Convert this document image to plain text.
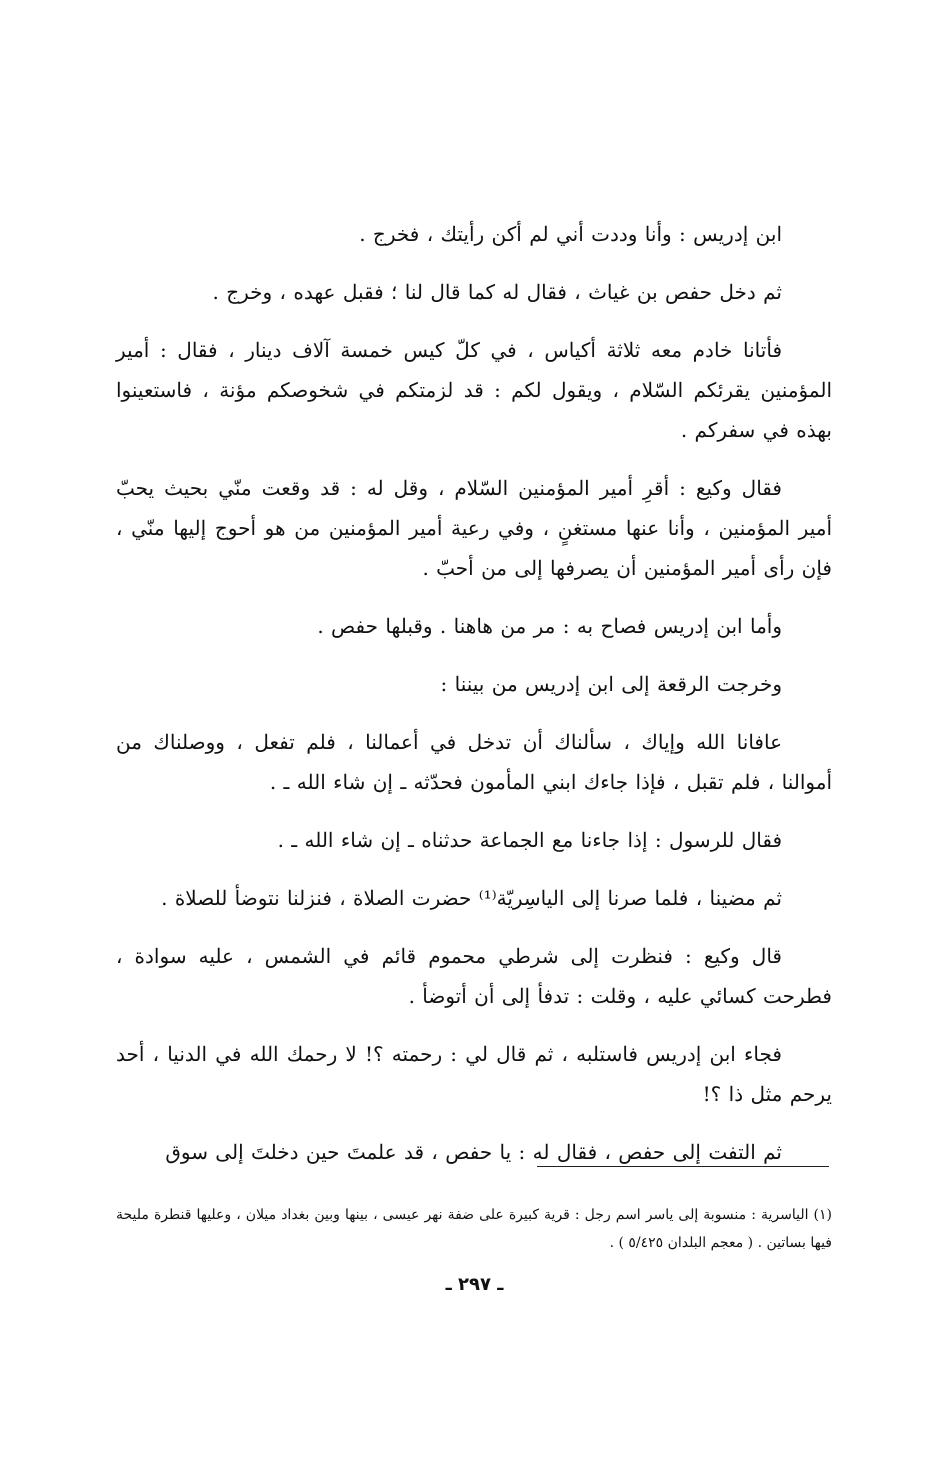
ابن إدريس : وأنا وددت أني لم أكن رأيتك ، فخرج .

ثم دخل حفص بن غياث ، فقال له كما قال لنا ؛ فقبل عهده ، وخرج .

فأتانا خادم معه ثلاثة أكياس ، في كلّ كيس خمسة آلاف دينار ، فقال : أمير المؤمنين يقرئكم السّلام ، ويقول لكم : قد لزمتكم في شخوصكم مؤنة ، فاستعينوا بهذه في سفركم .

فقال وكيع : أقرِ أمير المؤمنين السّلام ، وقل له : قد وقعت منّي بحيث يحبّ أمير المؤمنين ، وأنا عنها مستغنٍ ، وفي رعية أمير المؤمنين من هو أحوج إليها منّي ، فإن رأى أمير المؤمنين أن يصرفها إلى من أحبّ .

وأما ابن إدريس فصاح به : مر من هاهنا . وقبلها حفص .

وخرجت الرقعة إلى ابن إدريس من بيننا :

عافانا الله وإياك ، سألناك أن تدخل في أعمالنا ، فلم تفعل ، ووصلناك من أموالنا ، فلم تقبل ، فإذا جاءك ابني المأمون فحدّثه ـ إن شاء الله ـ .

فقال للرسول : إذا جاءنا مع الجماعة حدثناه ـ إن شاء الله ـ .

ثم مضينا ، فلما صرنا إلى الياسِريّة⁽¹⁾ حضرت الصلاة ، فنزلنا نتوضأ للصلاة .

قال وكيع : فنظرت إلى شرطي محموم قائم في الشمس ، عليه سوادة ، فطرحت كسائي عليه ، وقلت : تدفأ إلى أن أتوضأ .

فجاء ابن إدريس فاستلبه ، ثم قال لي : رحمته ؟! لا رحمك الله في الدنيا ، أحد يرحم مثل ذا ؟!

ثم التفت إلى حفص ، فقال له : يا حفص ، قد علمتَ حين دخلتَ إلى سوق

(١) الياسرية : منسوبة إلى ياسر اسم رجل : قرية كبيرة على ضفة نهر عيسى ، بينها وبين بغداد ميلان ، وعليها قنطرة مليحة فيها بساتين . ( معجم البلدان ٥/٤٢٥ ) .

ـ ٢٩٧ ـ
